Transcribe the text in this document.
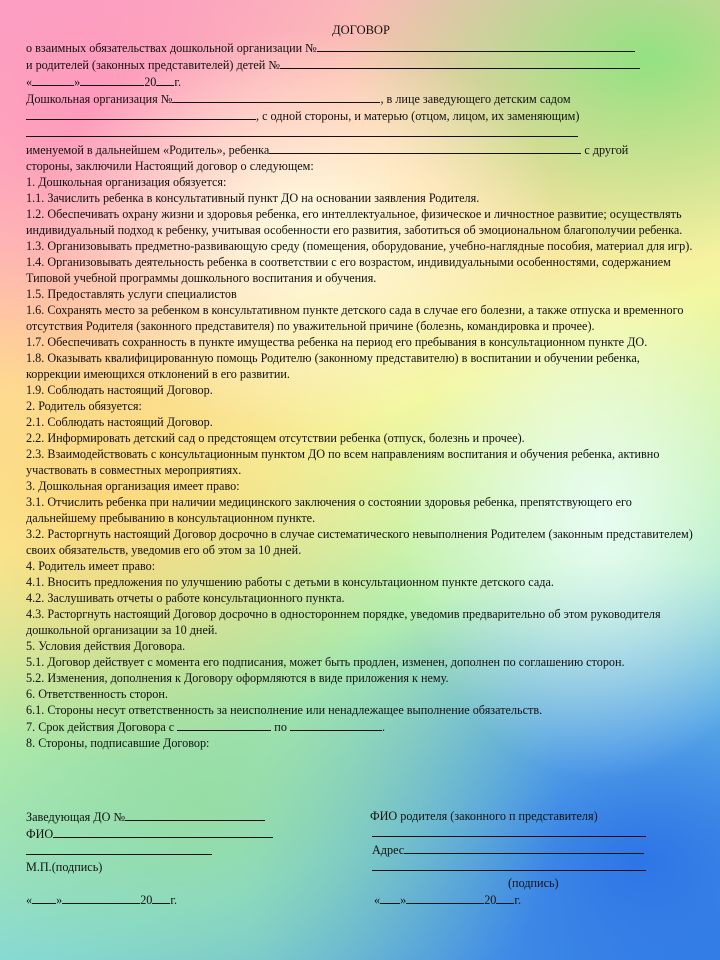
ДОГОВОР
о взаимных обязательствах дошкольной организации №
и родителей (законных представителей) детей №
«	»	20 г.
Дошкольная организация №	, в лице заведующего детским садом
, с одной стороны, и матерью (отцом, лицом, их заменяющим)
именуемой в дальнейшем «Родитель», ребенка	с другой
стороны, заключили Настоящий договор о следующем:
1. Дошкольная организация обязуется:
1.1. Зачислить ребенка в консультативный пункт ДО на основании заявления Родителя.
1.2. Обеспечивать охрану жизни и здоровья ребенка, его интеллектуальное, физическое и личностное развитие; осуществлять индивидуальный подход к ребенку, учитывая особенности его развития, заботиться об эмоциональном благополучии ребенка.
1.3. Организовывать предметно-развивающую среду (помещения, оборудование, учебно-наглядные пособия, материал для игр).
1.4. Организовывать деятельность ребенка в соответствии с его возрастом, индивидуальными особенностями, содержанием Типовой учебной программы дошкольного воспитания и обучения.
1.5. Предоставлять услуги специалистов
1.6. Сохранять место за ребенком в консультативном пункте детского сада в случае его болезни, а также отпуска и временного отсутствия Родителя (законного представителя) по уважительной причине (болезнь, командировка и прочее).
1.7. Обеспечивать сохранность в пункте имущества ребенка на период его пребывания в консультационном пункте ДО.
1.8. Оказывать квалифицированную помощь Родителю (законному представителю) в воспитании и обучении ребенка, коррекции имеющихся отклонений в его развитии.
1.9. Соблюдать настоящий Договор.
2. Родитель обязуется:
2.1. Соблюдать настоящий Договор.
2.2. Информировать детский сад о предстоящем отсутствии ребенка (отпуск, болезнь и прочее).
2.3. Взаимодействовать с консультационным пунктом ДО по всем направлениям воспитания и обучения ребенка, активно участвовать в совместных мероприятиях.
3. Дошкольная организация имеет право:
3.1. Отчислить ребенка при наличии медицинского заключения о состоянии здоровья ребенка, препятствующего его дальнейшему пребыванию в консультационном пункте.
3.2. Расторгнуть настоящий Договор досрочно в случае систематического невыполнения Родителем (законным представителем) своих обязательств, уведомив его об этом за 10 дней.
4. Родитель имеет право:
4.1. Вносить предложения по улучшению работы с детьми в консультационном пункте детского сада.
4.2. Заслушивать отчеты о работе консультационного пункта.
4.3. Расторгнуть настоящий Договор досрочно в одностороннем порядке, уведомив предварительно об этом руководителя дошкольной организации за 10 дней.
5. Условия действия Договора.
5.1. Договор действует с момента его подписания, может быть продлен, изменен, дополнен по соглашению сторон.
5.2. Изменения, дополнения к Договору оформляются в виде приложения к нему.
6. Ответственность сторон.
6.1. Стороны несут ответственность за неисполнение или ненадлежащее выполнение обязательств.
7. Срок действия Договора с	по	.
8. Стороны, подписавшие Договор:
Заведующая ДО №
ФИО
М.П.(подпись)
« »	20 г.
ФИО родителя (законного п представителя)
Адрес
(подпись)
« »	20 г.
